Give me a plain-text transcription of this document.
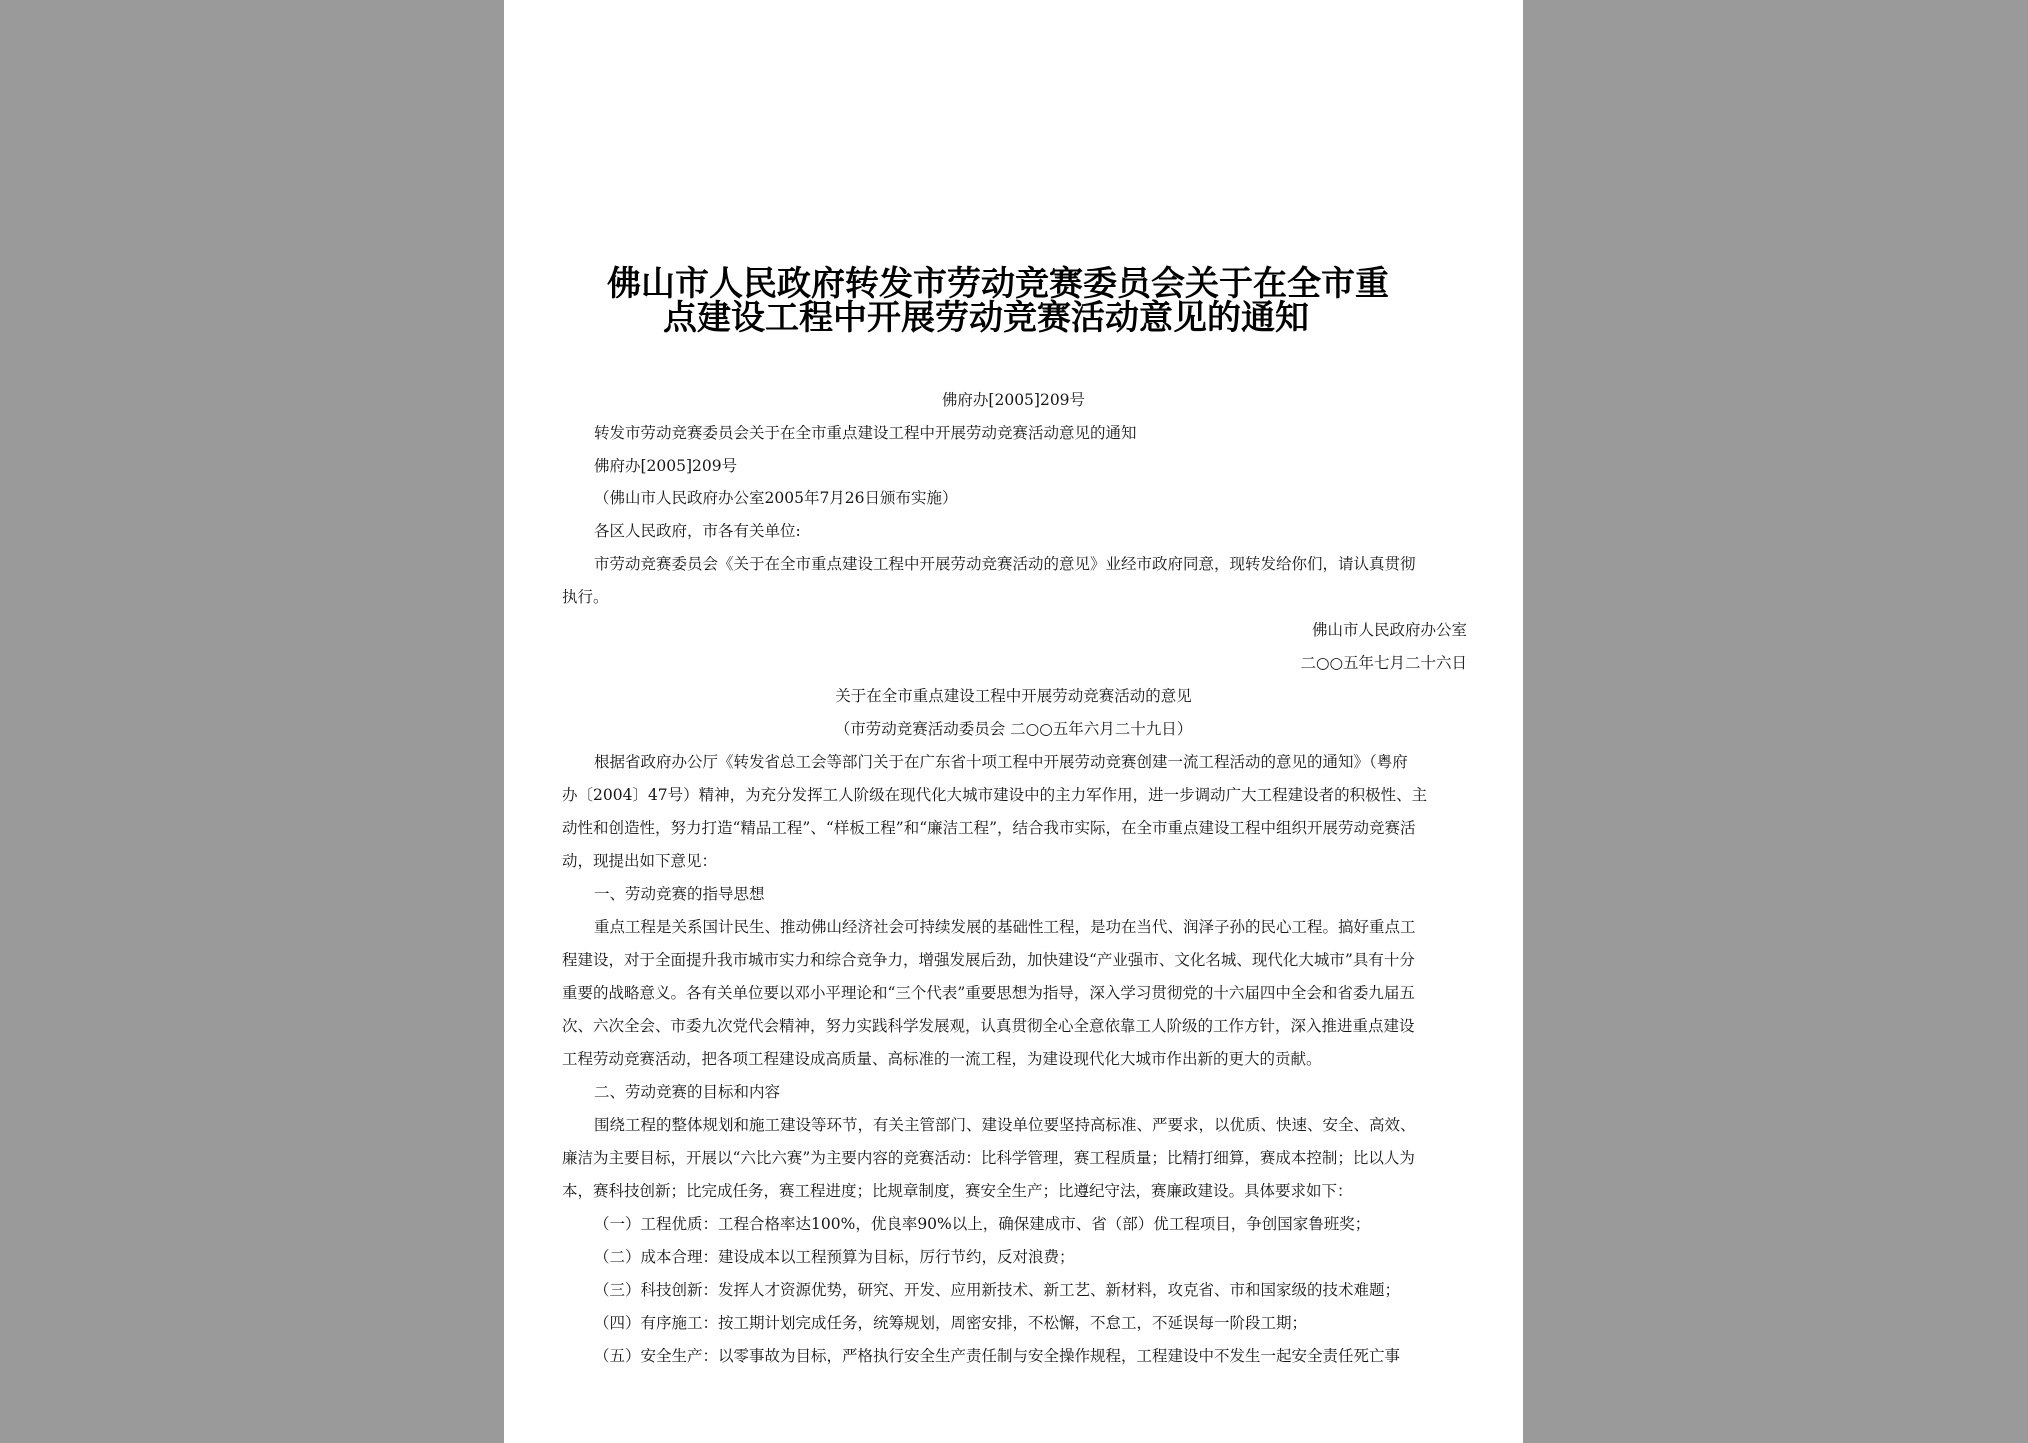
佛山市人民政府转发市劳动竞赛委员会关于在全市重
点建设工程中开展劳动竞赛活动意见的通知
佛府办[2005]209号
转发市劳动竞赛委员会关于在全市重点建设工程中开展劳动竞赛活动意见的通知
佛府办[2005]209号
（佛山市人民政府办公室2005年7月26日颁布实施）
各区人民政府，市各有关单位:
市劳动竞赛委员会《关于在全市重点建设工程中开展劳动竞赛活动的意见》业经市政府同意，现转发给你们，请认真贯彻
执行。
佛山市人民政府办公室
二○○五年七月二十六日
关于在全市重点建设工程中开展劳动竞赛活动的意见
（市劳动竞赛活动委员会 二○○五年六月二十九日）
根据省政府办公厅《转发省总工会等部门关于在广东省十项工程中开展劳动竞赛创建一流工程活动的意见的通知》（粤府
办〔2004〕47号）精神，为充分发挥工人阶级在现代化大城市建设中的主力军作用，进一步调动广大工程建设者的积极性、主
动性和创造性，努力打造“精品工程”、“样板工程”和“廉洁工程”，结合我市实际，在全市重点建设工程中组织开展劳动竞赛活
动，现提出如下意见：
一、劳动竞赛的指导思想
重点工程是关系国计民生、推动佛山经济社会可持续发展的基础性工程，是功在当代、润泽子孙的民心工程。搞好重点工
程建设，对于全面提升我市城市实力和综合竞争力，增强发展后劲，加快建设“产业强市、文化名城、现代化大城市”具有十分
重要的战略意义。各有关单位要以邓小平理论和“三个代表”重要思想为指导，深入学习贯彻党的十六届四中全会和省委九届五
次、六次全会、市委九次党代会精神，努力实践科学发展观，认真贯彻全心全意依靠工人阶级的工作方针，深入推进重点建设
工程劳动竞赛活动，把各项工程建设成高质量、高标准的一流工程，为建设现代化大城市作出新的更大的贡献。
二、劳动竞赛的目标和内容
围绕工程的整体规划和施工建设等环节，有关主管部门、建设单位要坚持高标准、严要求，以优质、快速、安全、高效、
廉洁为主要目标，开展以“六比六赛”为主要内容的竞赛活动：比科学管理，赛工程质量；比精打细算，赛成本控制；比以人为
本，赛科技创新；比完成任务，赛工程进度；比规章制度，赛安全生产；比遵纪守法，赛廉政建设。具体要求如下：
（一）工程优质：工程合格率达100%，优良率90%以上，确保建成市、省（部）优工程项目，争创国家鲁班奖；
（二）成本合理：建设成本以工程预算为目标，厉行节约，反对浪费；
（三）科技创新：发挥人才资源优势，研究、开发、应用新技术、新工艺、新材料，攻克省、市和国家级的技术难题；
（四）有序施工：按工期计划完成任务，统筹规划，周密安排，不松懈，不怠工，不延误每一阶段工期；
（五）安全生产：以零事故为目标，严格执行安全生产责任制与安全操作规程，工程建设中不发生一起安全责任死亡事
